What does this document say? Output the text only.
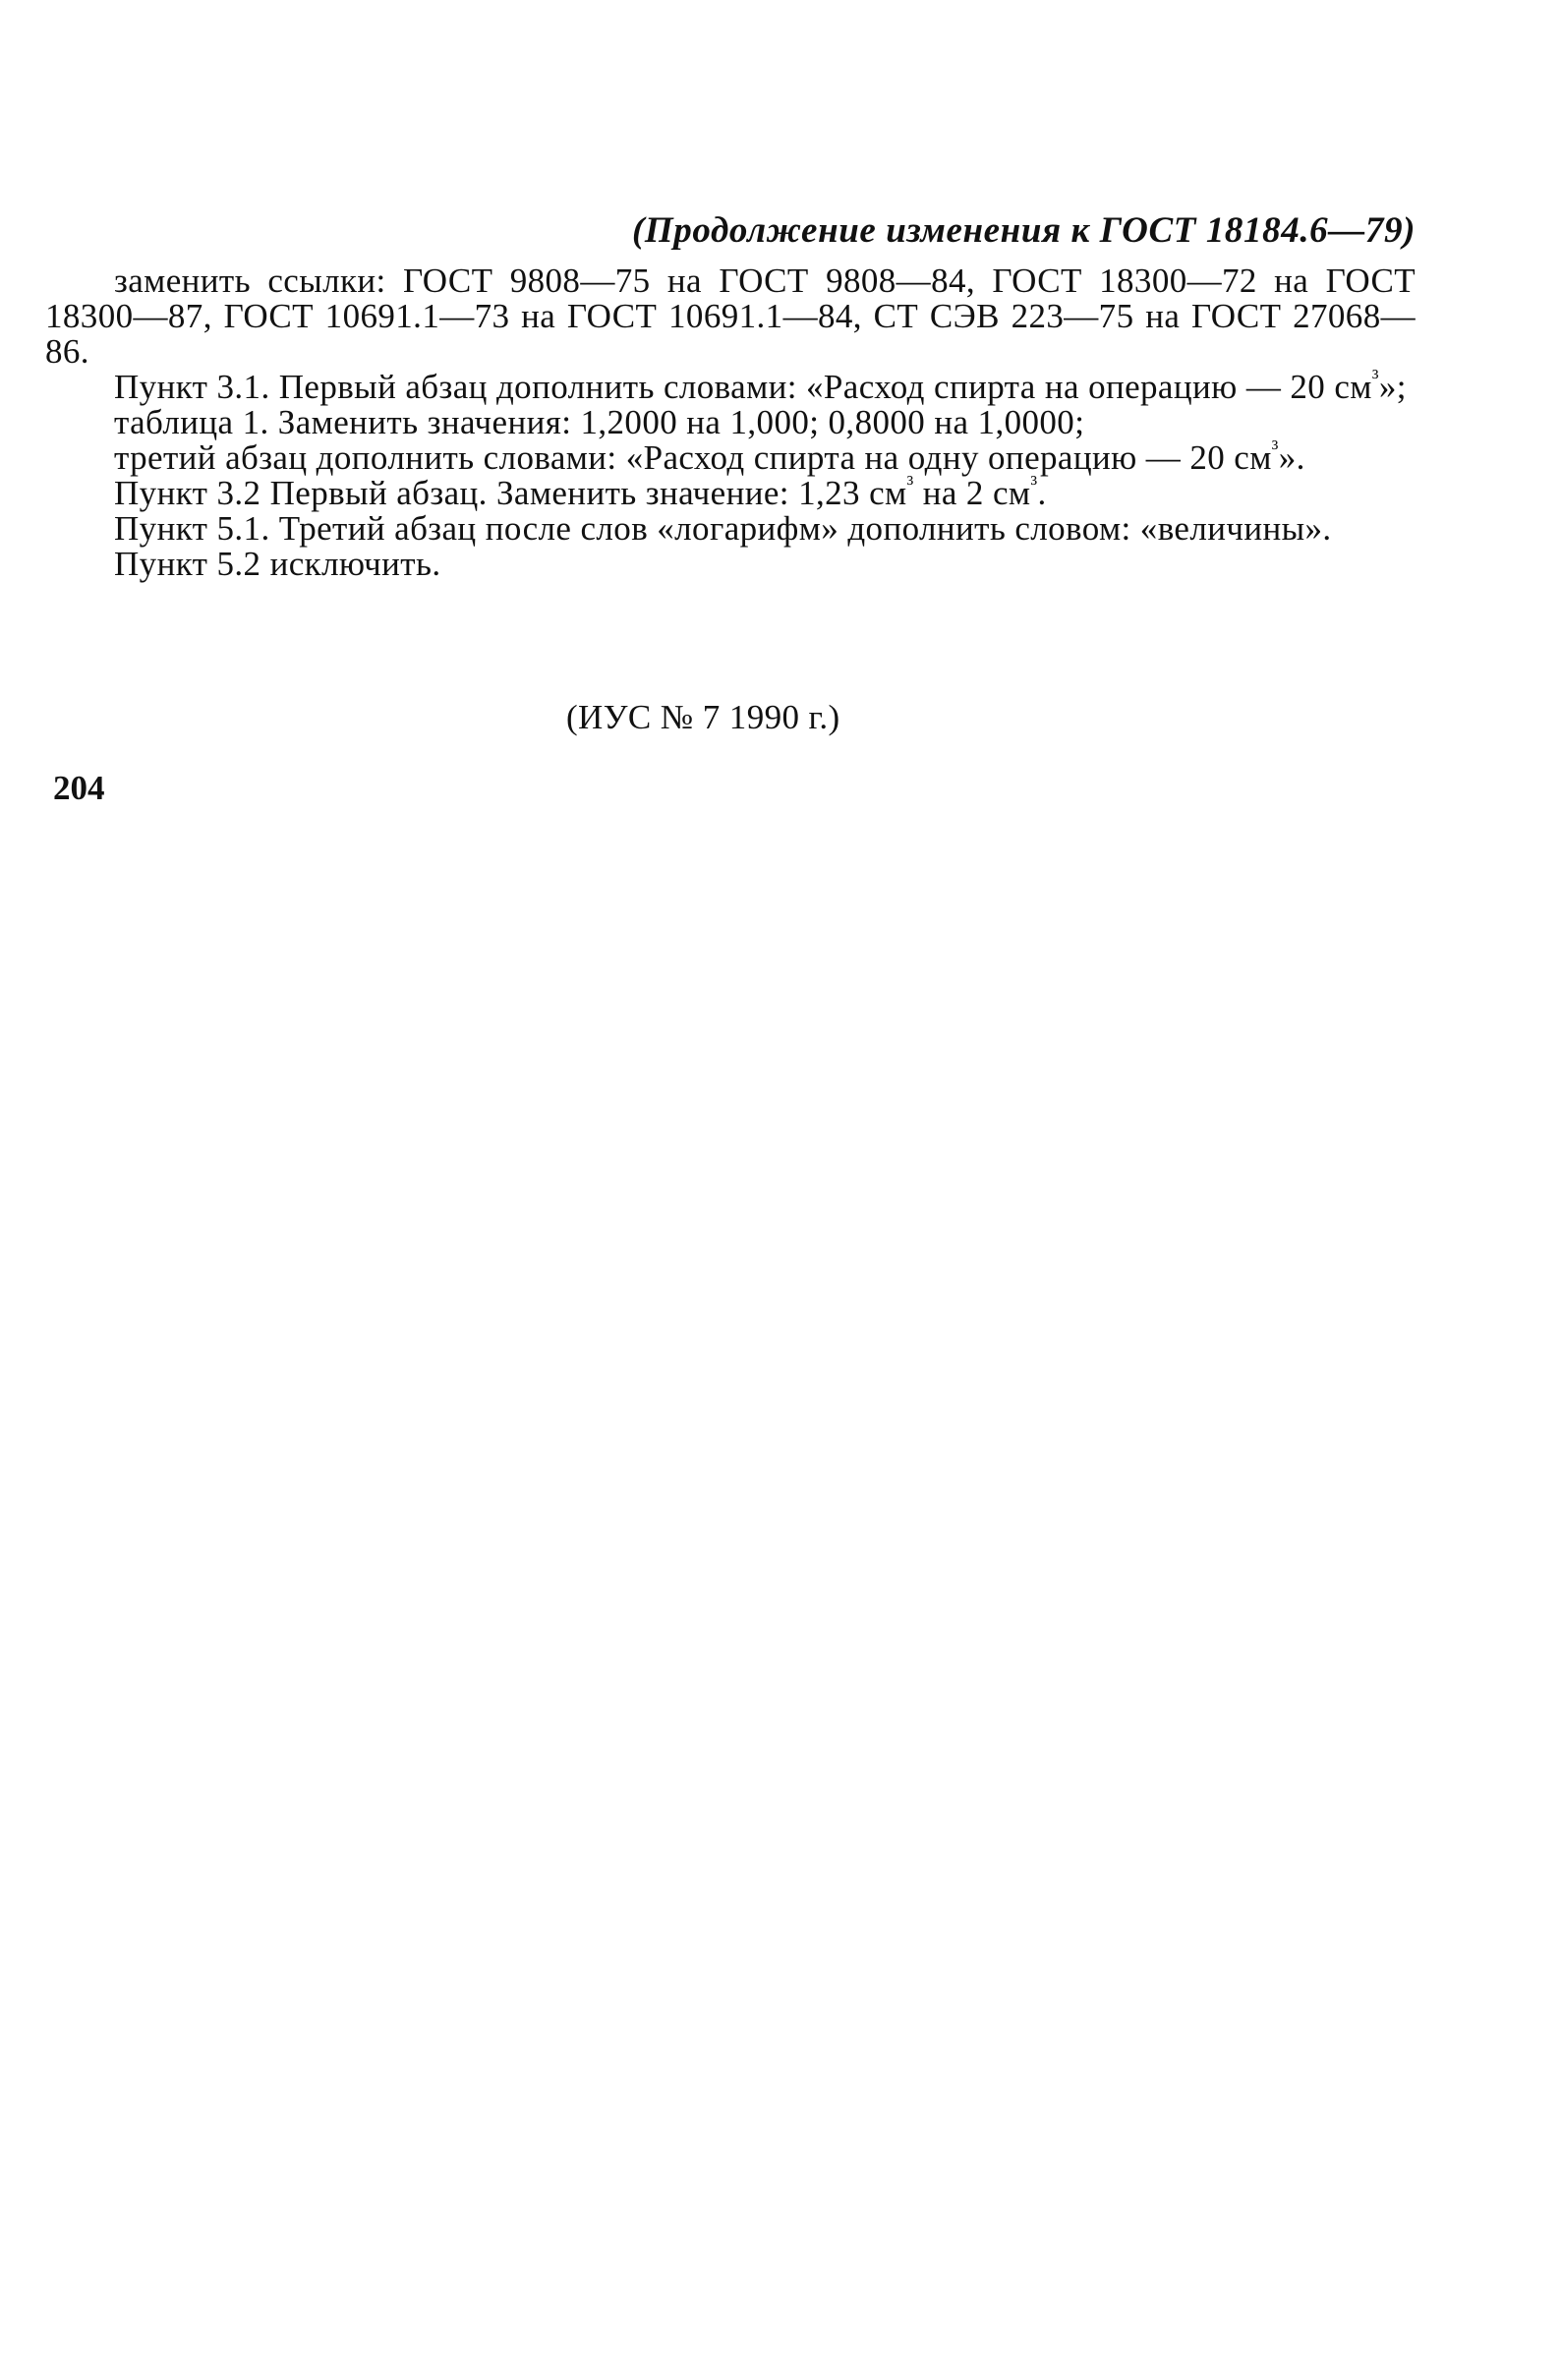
(Продолжение изменения к ГОСТ 18184.6—79)

заменить ссылки: ГОСТ 9808—75 на ГОСТ 9808—84, ГОСТ 18300—72 на ГОСТ 18300—87, ГОСТ 10691.1—73 на ГОСТ 10691.1—84, СТ СЭВ 223—75 на ГОСТ 27068—86.

Пункт 3.1. Первый абзац дополнить словами: «Расход спирта на операцию — 20 $см^{^3}$»;

таблица 1. Заменить значения: 1,2000 на 1,000; 0,8000 на 1,0000;

третий абзац дополнить словами: «Расход спирта на одну операцию — 20 $см^{^3}$».

Пункт 3.2 Первый абзац. Заменить значение: 1,23 $см^{^3}$ на 2 $см^{^3}$.

Пункт 5.1. Третий абзац после слов «логарифм» дополнить словом: «величины».

Пункт 5.2 исключить.

(ИУС № 7 1990 г.)
204
